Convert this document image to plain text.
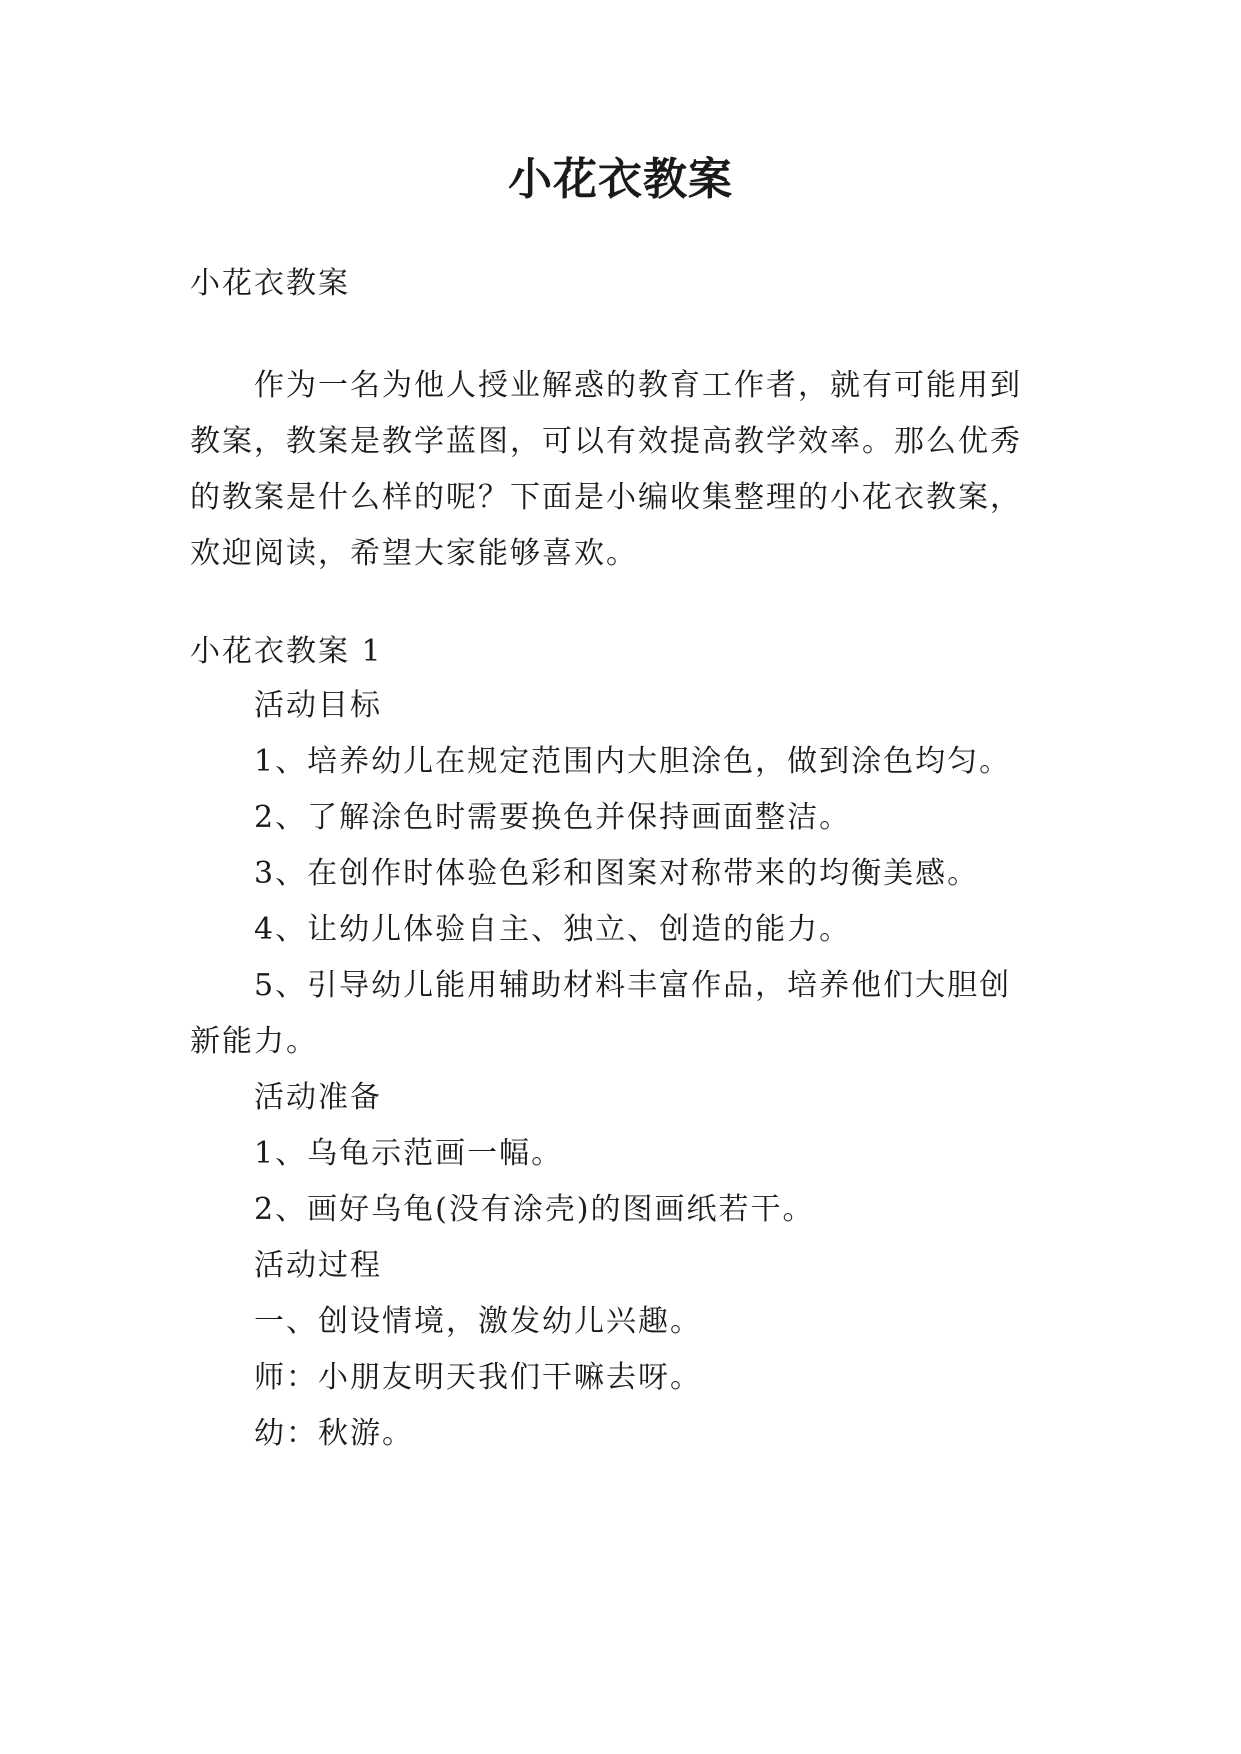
小花衣教案
小花衣教案
作为一名为他人授业解惑的教育工作者，就有可能用到
教案，教案是教学蓝图，可以有效提高教学效率。那么优秀
的教案是什么样的呢？下面是小编收集整理的小花衣教案，
欢迎阅读，希望大家能够喜欢。
小花衣教案 1
活动目标
1、培养幼儿在规定范围内大胆涂色，做到涂色均匀。
2、了解涂色时需要换色并保持画面整洁。
3、在创作时体验色彩和图案对称带来的均衡美感。
4、让幼儿体验自主、独立、创造的能力。
5、引导幼儿能用辅助材料丰富作品，培养他们大胆创
新能力。
活动准备
1、乌龟示范画一幅。
2、画好乌龟(没有涂壳)的图画纸若干。
活动过程
一、创设情境，激发幼儿兴趣。
师：小朋友明天我们干嘛去呀。
幼：秋游。
